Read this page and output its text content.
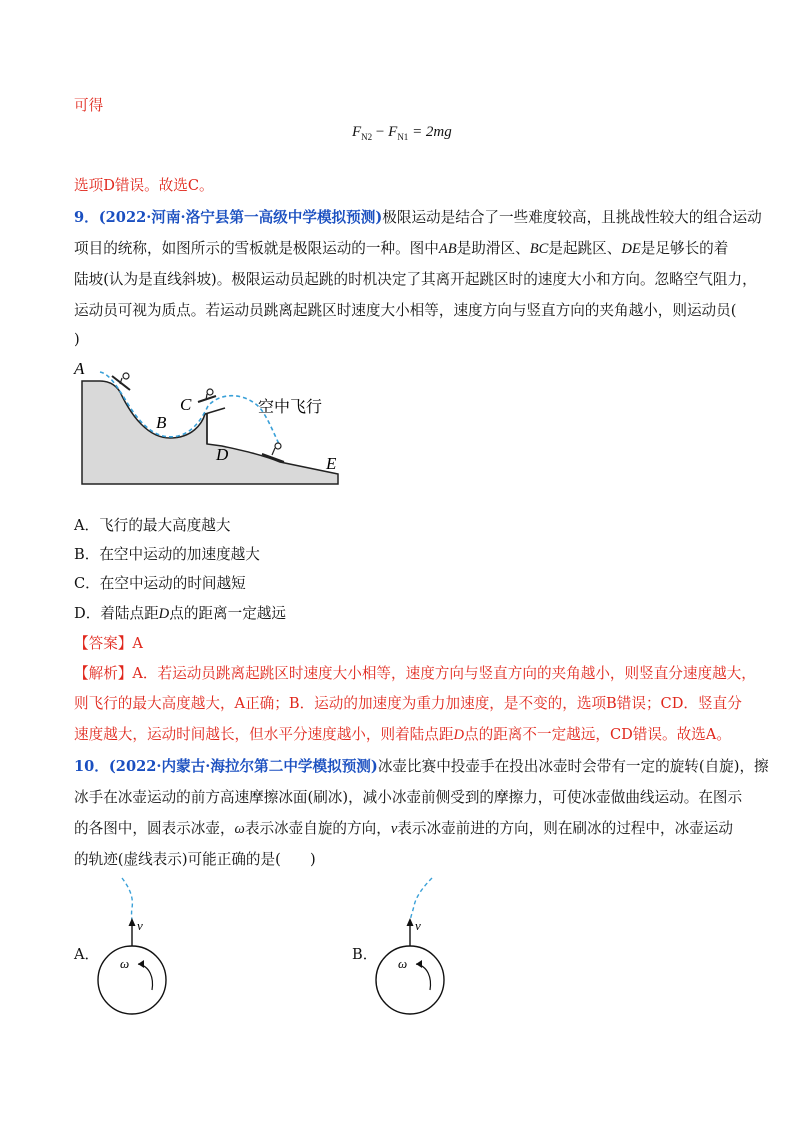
可得
$F_{N2} - F_{N1} = 2mg$
选项D错误。故选C。
9．(2022·河南·洛宁县第一高级中学模拟预测)极限运动是结合了一些难度较高，且挑战性较大的组合运动
项目的统称，如图所示的雪板就是极限运动的一种。图中AB是助滑区、BC是起跳区、DE是足够长的着
陆坡(认为是直线斜坡)。极限运动员起跳的时机决定了其离开起跳区时的速度大小和方向。忽略空气阻力，
运动员可视为质点。若运动员跳离起跳区时速度大小相等，速度方向与竖直方向的夹角越小，则运动员(
)
A
B
C
D	E
空中飞行
A．飞行的最大高度越大
B．在空中运动的加速度越大
C．在空中运动的时间越短
D．着陆点距D点的距离一定越远
【答案】A
【解析】A．若运动员跳离起跳区时速度大小相等，速度方向与竖直方向的夹角越小，则竖直分速度越大，
则飞行的最大高度越大，A正确；B．运动的加速度为重力加速度，是不变的，选项B错误；CD．竖直分
速度越大，运动时间越长，但水平分速度越小，则着陆点距D点的距离不一定越远，CD错误。故选A。
10．(2022·内蒙古·海拉尔第二中学模拟预测)冰壶比赛中投壶手在投出冰壶时会带有一定的旋转(自旋)，擦
冰手在冰壶运动的前方高速摩擦冰面(刷冰)，减小冰壶前侧受到的摩擦力，可使冰壶做曲线运动。在图示
的各图中，圆表示冰壶，ω表示冰壶自旋的方向，v表示冰壶前进的方向，则在刷冰的过程中，冰壶运动
的轨迹(虚线表示)可能正确的是(　　)
A．
v
ω
B．
v
ω
